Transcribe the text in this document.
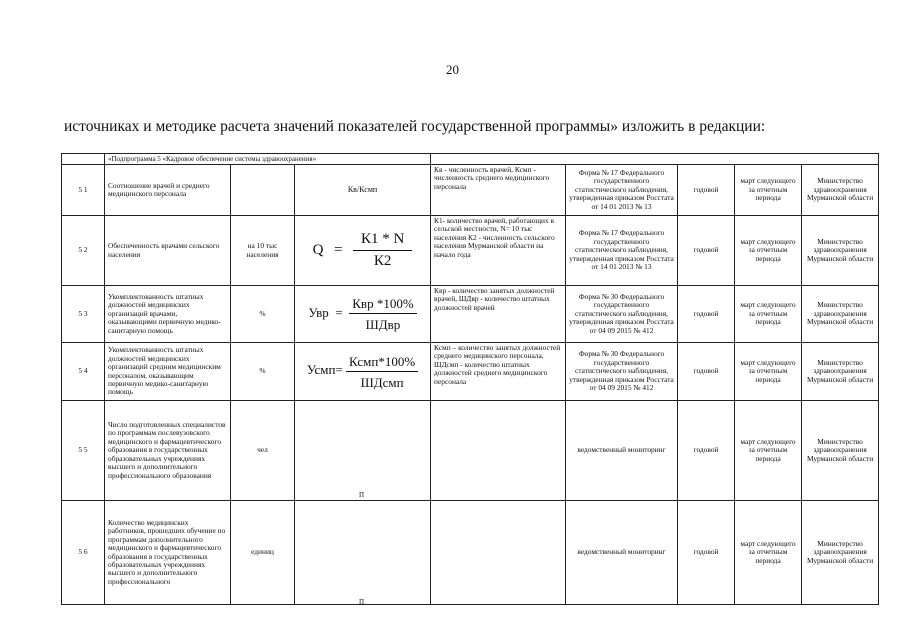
20
источниках и методике расчета значений показателей государственной программы» изложить в редакции:
	«Подпрограмма 5 «Кадровое обеспечение системы здравоохранения»							
5 1	Соотношение врачей и среднего медицинского персонала		Кв/Ксмп	Кв - численность врачей, Ксмп - численность среднего медицинского персонала	Форма № 17 Федерального государственного статистического наблюдения, утвержденная приказом Росстата от 14 01 2013 № 13	годовой	март следующего за отчетным периода	Министерство здравоохранения Мурманской области
5 2	Обеспеченность врачами сельского населения	на 10 тыс населения	$Q = \frac{К1 * N}{К2}$	К1- количество врачей, работающих в сельской местности, N= 10 тыс населения К2 - численность сельского населения Мурманской области на начало года	Форма № 17 Федерального государственного статистического наблюдения, утвержденная приказом Росстата от 14 01 2013 № 13	годовой	март следующего за отчетным периода	Министерство здравоохранения Мурманской области
5 3	Укомплектованность штатных должностей медицинских организаций врачами, оказывающими первичную медико-санитарную помощь	%	Увр = $\frac{\text{Квр *100\%}}{\text{ШДвр}}$	Квр - количество занятых должностей врачей, ШДвр - количество штатных должностей врачей	Форма № 30 Федерального государственного статистического наблюдения, утвержденная приказом Росстата от 04 09 2015 № 412	годовой	март следующего за отчетным периода	Министерство здравоохранения Мурманской области
5 4	Укомплектованность штатных должностей медицинских организаций средним медицинским персоналом, оказывающим первичную медико-санитарную помощь	%	Усмп= $\frac{\text{Ксмп*100\%}}{\text{ШДсмп}}$	Ксмп – количество занятых должностей среднего медицинского персонала, ШДсмп - количество штатных должностей среднего медицинского персонала	Форма № 30 Федерального государственного статистического наблюдения, утвержденная приказом Росстата от 04 09 2015 № 412	годовой	март следующего за отчетным периода	Министерство здравоохранения Мурманской области
5 5	Число подготовленных специалистов по программам послевузовского медицинского и фармацевтического образования в государственных образовательных учреждениях высшего и дополнительного профессионального образования	чел	П		ведомственный мониторинг	годовой	март следующего за отчетным периода	Министерство здравоохранения Мурманской области
5 6	Количество медицинских работников, прошедших обучение по программам дополнительного медицинского и фармацевтического образования в государственных образовательных учреждениях высшего и дополнительного профессионального	единиц	П		ведомственный мониторинг	годовой	март следующего за отчетным периода	Министерство здравоохранения Мурманской области
